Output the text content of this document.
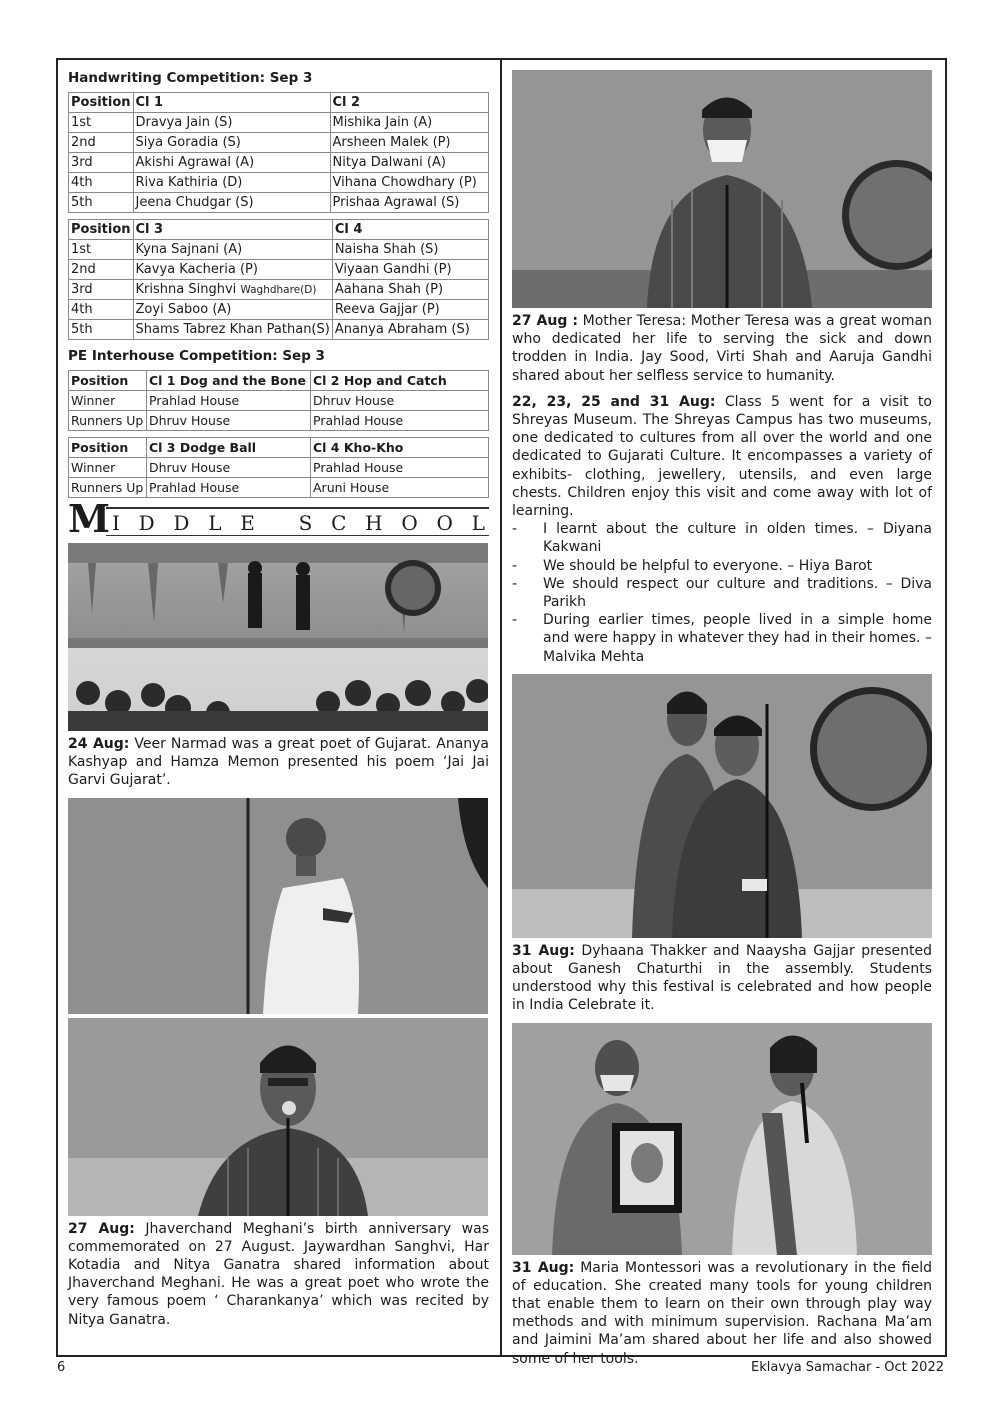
Handwriting Competition: Sep 3
Position	Cl 1	Cl 2
1st	Dravya Jain (S)	Mishika Jain (A)
2nd	Siya Goradia (S)	Arsheen Malek (P)
3rd	Akishi Agrawal (A)	Nitya Dalwani (A)
4th	Riva Kathiria (D)	Vihana Chowdhary (P)
5th	Jeena Chudgar (S)	Prishaa Agrawal (S)
Position	Cl 3	Cl 4
1st	Kyna Sajnani (A)	Naisha Shah (S)
2nd	Kavya Kacheria (P)	Viyaan Gandhi (P)
3rd	Krishna Singhvi Waghdhare(D)	Aahana Shah (P)
4th	Zoyi Saboo (A)	Reeva Gajjar (P)
5th	Shams Tabrez Khan Pathan(S)	Ananya Abraham (S)
PE Interhouse Competition: Sep 3
Position	Cl 1 Dog and the Bone	Cl 2 Hop and Catch
Winner	Prahlad House	Dhruv House
Runners Up	Dhruv House	Prahlad House
Position	Cl 3 Dodge Ball	Cl 4 Kho-Kho
Winner	Dhruv House	Prahlad House
Runners Up	Prahlad House	Aruni House
M I D D L E
S C H O O L

24 Aug: Veer Narmad was a great poet of Gujarat. Ananya Kashyap and Hamza Memon presented his poem ‘Jai Jai Garvi Gujarat’.

27 Aug: Jhaverchand Meghani’s birth anniversary was commemorated on 27 August. Jaywardhan Sanghvi, Har Kotadia and Nitya Ganatra shared information about Jhaverchand Meghani. He was a great poet who wrote the very famous poem ‘ Charankanya’ which was recited by Nitya Ganatra.

27 Aug : Mother Teresa: Mother Teresa was a great woman who dedicated her life to serving the sick and down trodden in India. Jay Sood, Virti Shah and Aaruja Gandhi shared about her selfless service to humanity.

22, 23, 25 and 31 Aug: Class 5 went for a visit to Shreyas Museum. The Shreyas Campus has two museums, one dedicated to cultures from all over the world and one dedicated to Gujarati Culture. It encompasses a variety of exhibits- clothing, jewellery, utensils, and even large chests. Children enjoy this visit and come away with lot of learning.

- I learnt about the culture in olden times. – Diyana Kakwani
- We should be helpful to everyone. – Hiya Barot
- We should respect our culture and traditions. – Diva Parikh
- During earlier times, people lived in a simple home and were happy in whatever they had in their homes. – Malvika Mehta

31 Aug: Dyhaana Thakker and Naaysha Gajjar presented about Ganesh Chaturthi in the assembly. Students understood why this festival is celebrated and how people in India Celebrate it.

31 Aug: Maria Montessori was a revolutionary in the field of education. She created many tools for young children that enable them to learn on their own through play way methods and with minimum supervision. Rachana Ma’am and Jaimini Ma’am shared about her life and also showed some of her tools.

6	Eklavya Samachar - Oct 2022
